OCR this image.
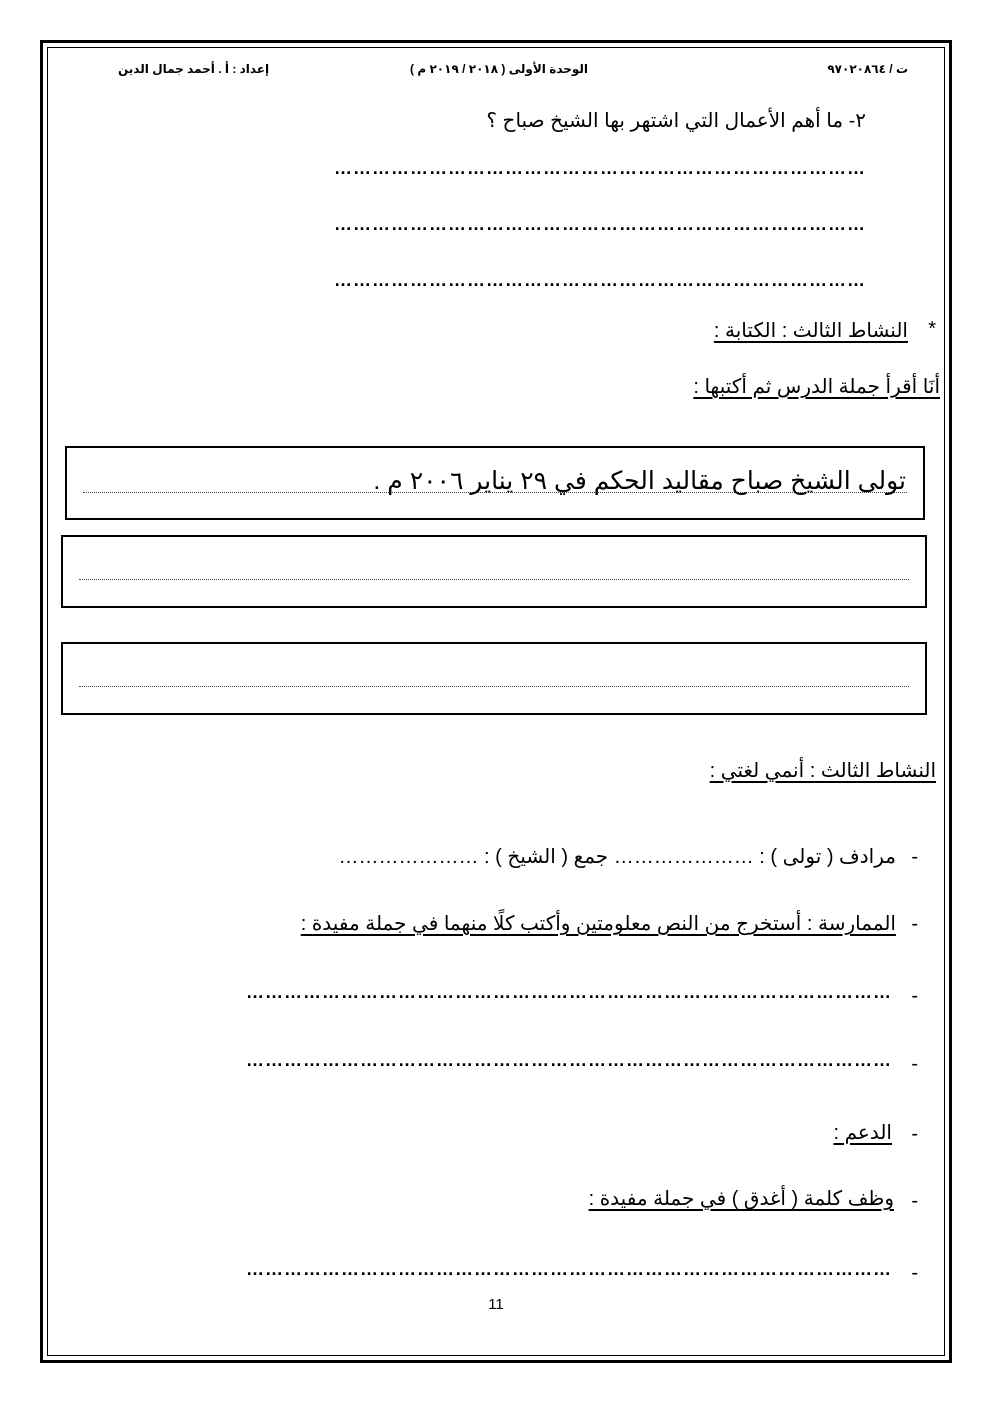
ت / ٩٧٠٢٠٨٦٤
الوحدة الأولى ( ٢٠١٨ / ٢٠١٩ م )
إعداد : أ . أحمد جمال الدين
٢- ما أهم الأعمال التي اشتهر بها الشيخ صباح ؟
…………………………………………………………………………
…………………………………………………………………………
…………………………………………………………………………
*
النشاط الثالث : الكتابة :
أنَا أقرأ جملة الدرس ثم أكتبها :
تولى الشيخ صباح مقاليد الحكم في ٢٩ يناير ٢٠٠٦ م .
النشاط الثالث : أنمي لغتي :
-
مرادف ( تولى ) : ………………… جمع ( الشيخ ) : …………………
-
الممارسة : أستخرج من النص معلومتين وأكتب كلًا منهما في جملة مفيدة :
-
…………………………………………………………………………………………
-
…………………………………………………………………………………………
-
الدعم :
-
وظف كلمة ( أغدق ) في جملة مفيدة :
-
…………………………………………………………………………………………
11
